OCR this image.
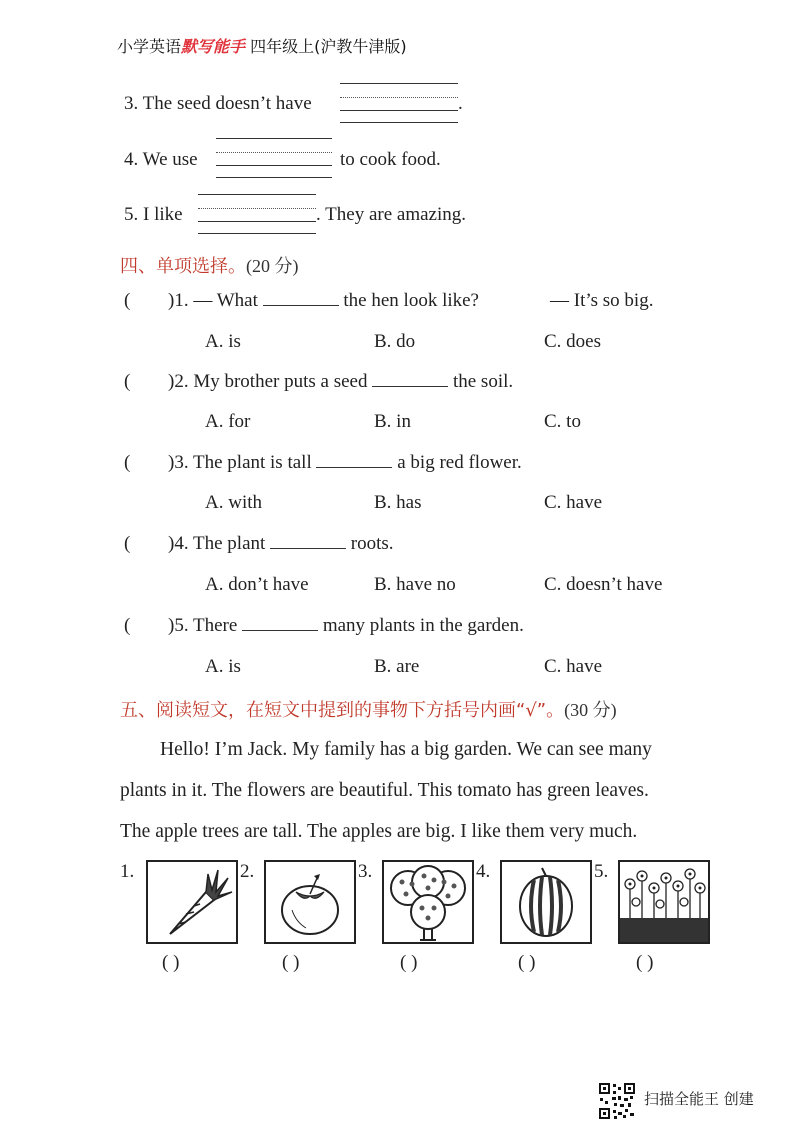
小学英语默写能手 四年级上(沪教牛津版)
3. The seed doesn’t have	.
4. We use	to cook food.
5. I like	. They are amazing.
四、单项选择。(20 分)
( )1. — What	the hen look like?	— It’s so big.
A. is	B. do	C. does
( )2. My brother puts a seed	the soil.
A. for	B. in	C. to
( )3. The plant is tall	a big red flower.
A. with	B. has	C. have
( )4. The plant	roots.
A. don’t have	B. have no	C. doesn’t have
( )5. There	many plants in the garden.
A. is	B. are	C. have
五、阅读短文，在短文中提到的事物下方括号内画“√”。(30 分)
Hello! I’m Jack. My family has a big garden. We can see many
plants in it. The flowers are beautiful. This tomato has green leaves.
The apple trees are tall. The apples are big. I like them very much.
1.
( )
2.
( )
3.
( )
4.
( )
5.
( )
扫描全能王 创建
